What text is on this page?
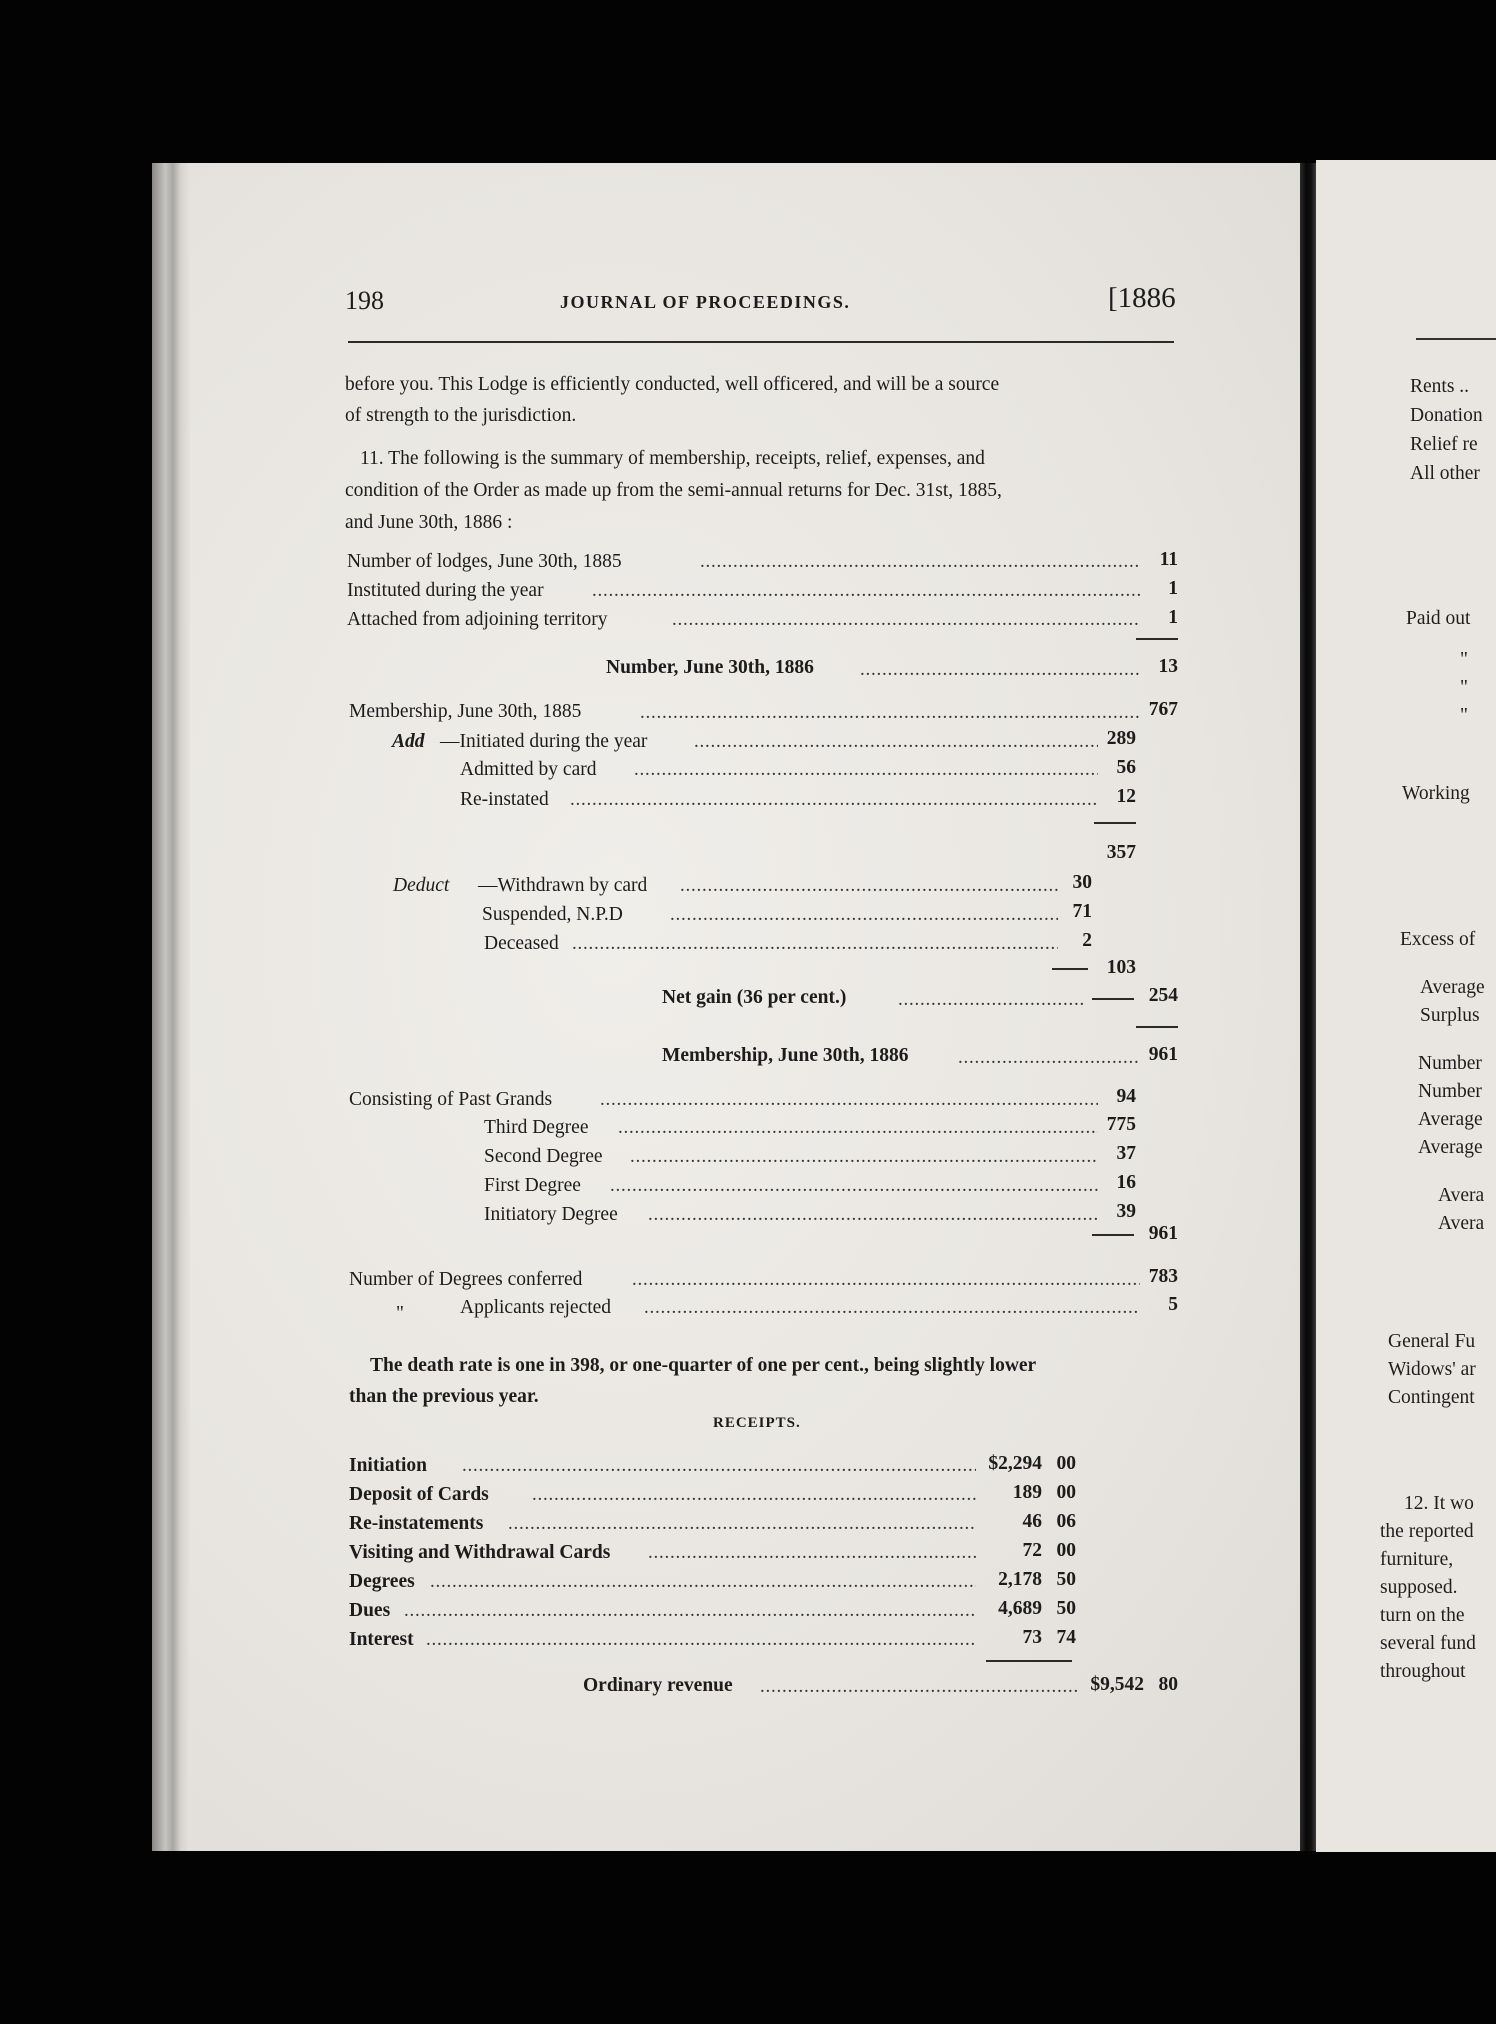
198	JOURNAL OF PROCEEDINGS.	[1886
before you. This Lodge is efficiently conducted, well officered, and will be a source
of strength to the jurisdiction.
11. The following is the summary of membership, receipts, relief, expenses, and
condition of the Order as made up from the semi-annual returns for Dec. 31st, 1885,
and June 30th, 1886 :
Number of lodges, June 30th, 1885 . . .	11
Instituted during the year . . .	1
Attached from adjoining territory . . .	1
Number, June 30th, 1886 . . .	13
Membership, June 30th, 1885 . . .	767
Add —Initiated during the year . . .	289
Admitted by card . . .	56
Re-instated . . .	12
357
Deduct —Withdrawn by card . . .	30
Suspended, N.P.D . . .	71
Deceased . . .	2
103
Net gain (36 per cent.) . . .	254
Membership, June 30th, 1886 . . .	961
Consisting of Past Grands . . .	94
Third Degree . . .	775
Second Degree . . .	37
First Degree . . .	16
Initiatory Degree . . .	39
961
Number of Degrees conferred . . .	783
"	Applicants rejected . . .	5
The death rate is one in 398, or one-quarter of one per cent., being slightly lower
than the previous year.
RECEIPTS.
Initiation . . .	$2,294 00
Deposit of Cards . . .	189 00
Re-instatements . . .	46 06
Visiting and Withdrawal Cards . . .	72 00
Degrees . . .	2,178 50
Dues . . .	4,689 50
Interest . . .	73 74
Ordinary revenue . . .	$9,542 80
Rents ..
Donation
Relief re
All other
Paid out
"
"
"
Working
Excess of
Average
Surplus
Number
Number
Average
Average
Avera
Avera
General Fu
Widows' ar
Contingent
12. It wo
the reported
furniture,
supposed.
turn on the
several fund
throughout
